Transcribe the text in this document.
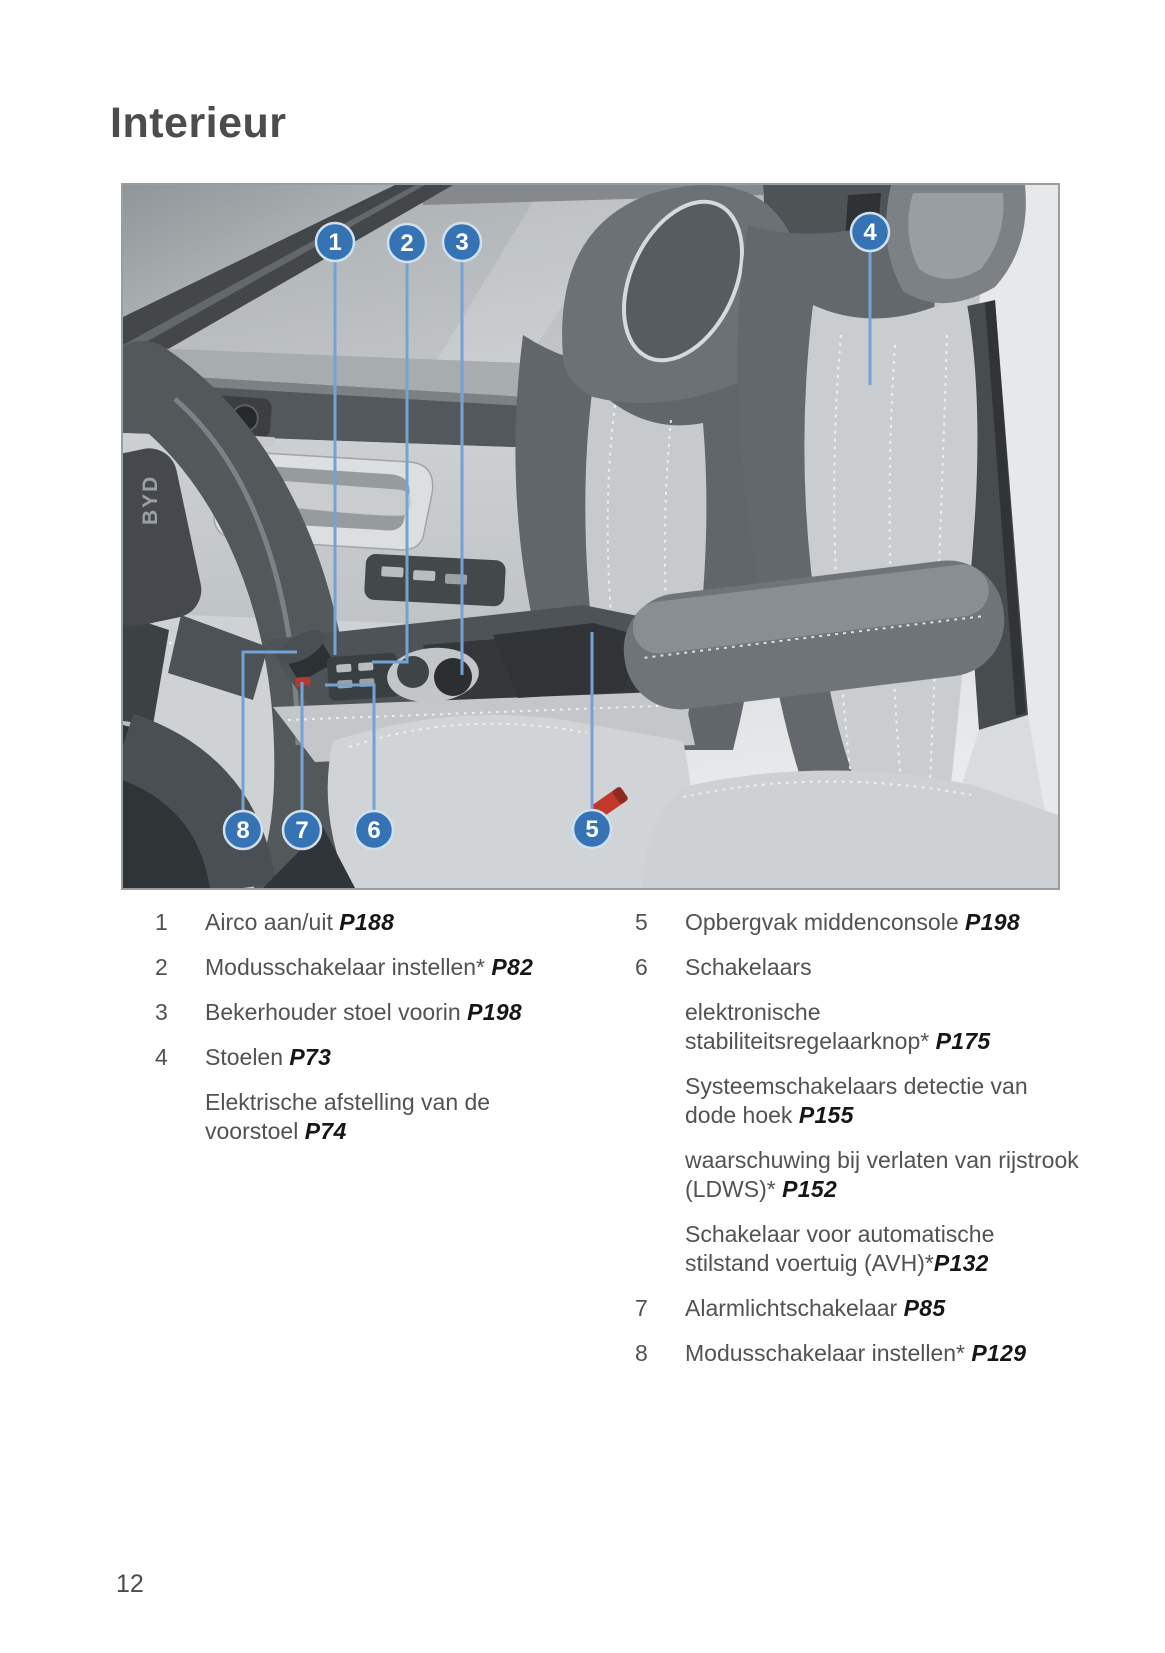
Interieur
BYD
1 2 3	4
5
6
7
8
1	Airco aan/uit P188
2	Modusschakelaar instellen* P82
3	Bekerhouder stoel voorin P198
4	Stoelen P73
Elektrische afstelling van de
voorstoel P74
5	Opbergvak middenconsole P198
6	Schakelaars
elektronische
stabiliteitsregelaarknop* P175
Systeemschakelaars detectie van
dode hoek P155
waarschuwing bij verlaten van rijstrook
(LDWS)* P152
Schakelaar voor automatische
stilstand voertuig (AVH)*P132
7	Alarmlichtschakelaar P85
8	Modusschakelaar instellen* P129
12
